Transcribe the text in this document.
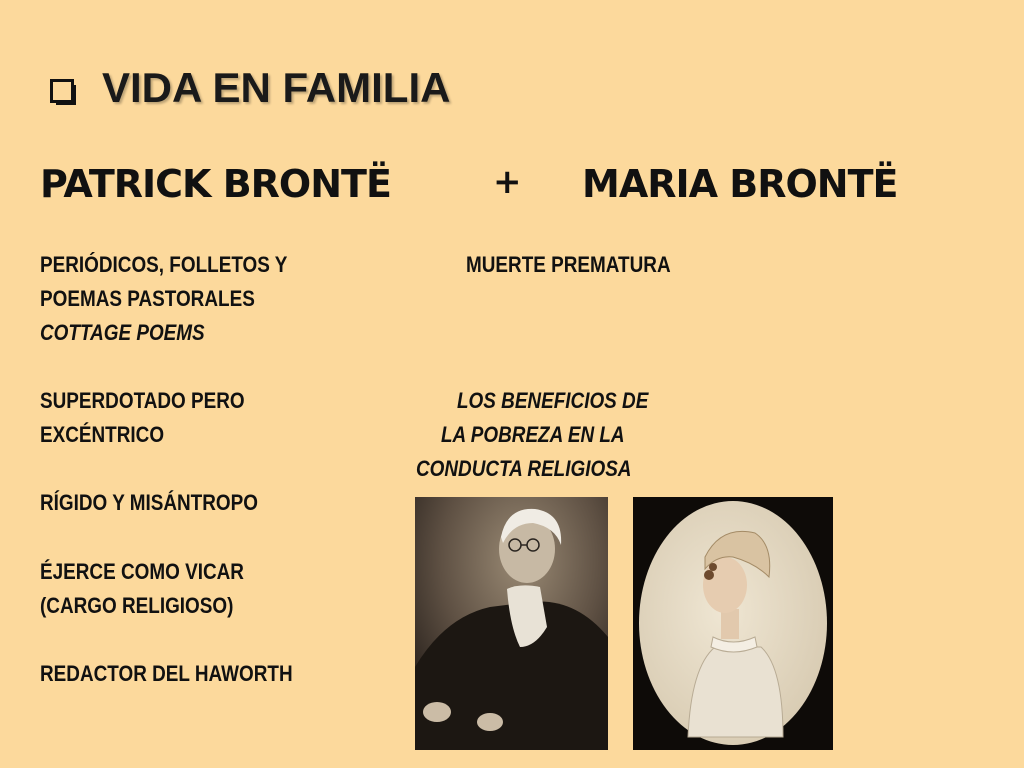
VIDA EN FAMILIA
PATRICK BRONTË	+ MARIA BRONTË
PERIÓDICOS, FOLLETOS Y
POEMAS PASTORALES
COTTAGE POEMS
SUPERDOTADO PERO
EXCÉNTRICO
RÍGIDO Y MISÁNTROPO
ÉJERCE COMO VICAR
(CARGO RELIGIOSO)
REDACTOR DEL HAWORTH
MUERTE PREMATURA
LOS BENEFICIOS DE
LA POBREZA EN LA
CONDUCTA RELIGIOSA
